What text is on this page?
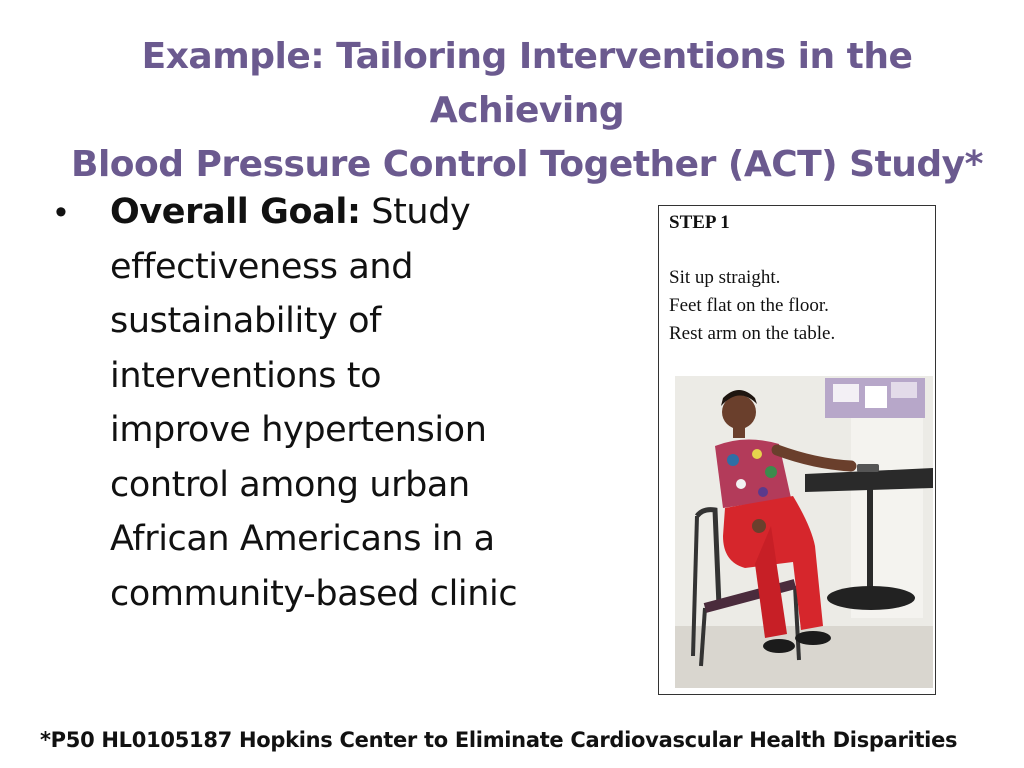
Example: Tailoring Interventions in the Achieving
Blood Pressure Control Together (ACT) Study*
• Overall Goal: Study
effectiveness and
sustainability of
interventions to
improve hypertension
control among urban
African Americans in a
community-based clinic
STEP 1
Sit up straight.
Feet flat on the floor.
Rest arm on the table.
*P50 HL0105187 Hopkins Center to Eliminate Cardiovascular Health Disparities
